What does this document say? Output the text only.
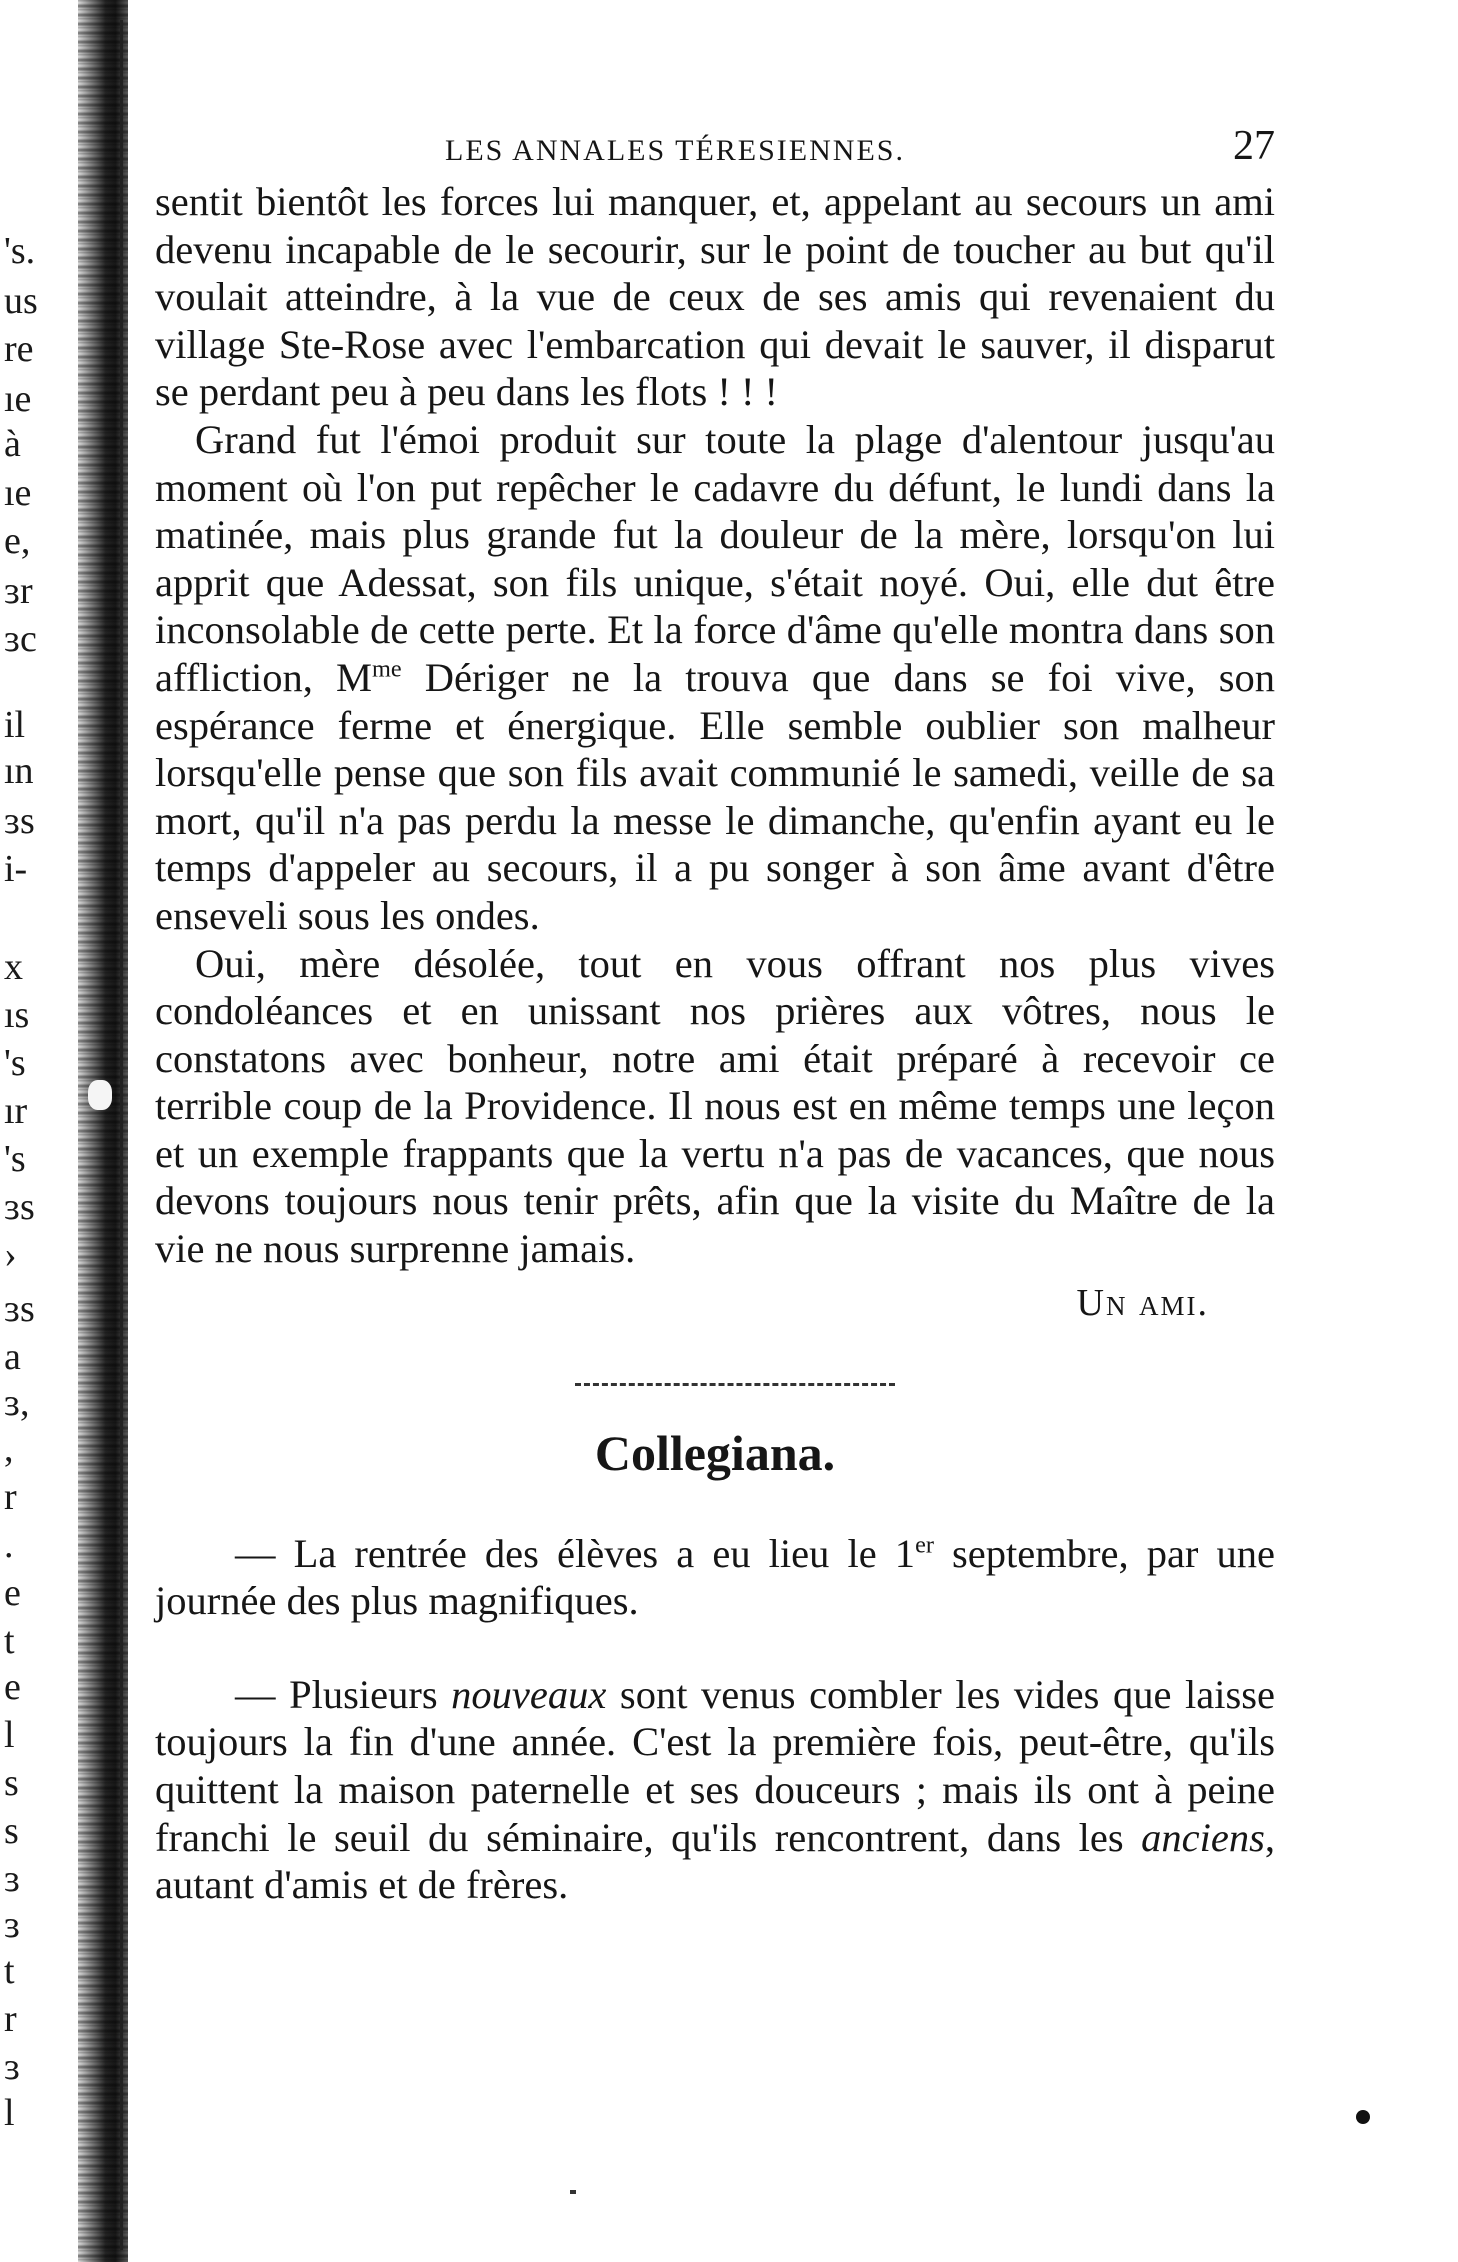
's.
us
re
ıe
à
ıe
e,
ɜr
ɜc
il
ın
ɜs
i-
x
ıs
's
ır
's
ɜs
›
ɜs
a
ɜ,
,
r
.
e
t
e
l
s
s
ɜ
ɜ
t
r
ɜ
l
LES ANNALES TÉRESIENNES.	27

sentit bientôt les forces lui manquer, et, appelant au secours un ami devenu incapable de le secourir, sur le point de toucher au but qu'il voulait atteindre, à la vue de ceux de ses amis qui revenaient du village Ste-Rose avec l'embarcation qui devait le sauver, il disparut se perdant peu à peu dans les flots ! ! !

Grand fut l'émoi produit sur toute la plage d'alentour jusqu'au moment où l'on put repêcher le cadavre du défunt, le lundi dans la matinée, mais plus grande fut la douleur de la mère, lorsqu'on lui apprit que Adessat, son fils unique, s'était noyé. Oui, elle dut être inconsolable de cette perte. Et la force d'âme qu'elle montra dans son affliction, $M^{me}$ Dériger ne la trouva que dans se foi vive, son espérance ferme et énergique. Elle semble oublier son malheur lorsqu'elle pense que son fils avait communié le samedi, veille de sa mort, qu'il n'a pas perdu la messe le dimanche, qu'enfin ayant eu le temps d'appeler au secours, il a pu songer à son âme avant d'être enseveli sous les ondes.

Oui, mère désolée, tout en vous offrant nos plus vives condoléances et en unissant nos prières aux vôtres, nous le constatons avec bonheur, notre ami était préparé à recevoir ce terrible coup de la Providence. Il nous est en même temps une leçon et un exemple frappants que la vertu n'a pas de vacances, que nous devons toujours nous tenir prêts, afin que la visite du Maître de la vie ne nous surprenne jamais.

Un ami.
Collegiana.
— La rentrée des élèves a eu lieu le 1er septembre, par une journée des plus magnifiques.
— Plusieurs nouveaux sont venus combler les vides que laisse toujours la fin d'une année. C'est la première fois, peut-être, qu'ils quittent la maison paternelle et ses douceurs ; mais ils ont à peine franchi le seuil du séminaire, qu'ils rencontrent, dans les anciens, autant d'amis et de frères.
